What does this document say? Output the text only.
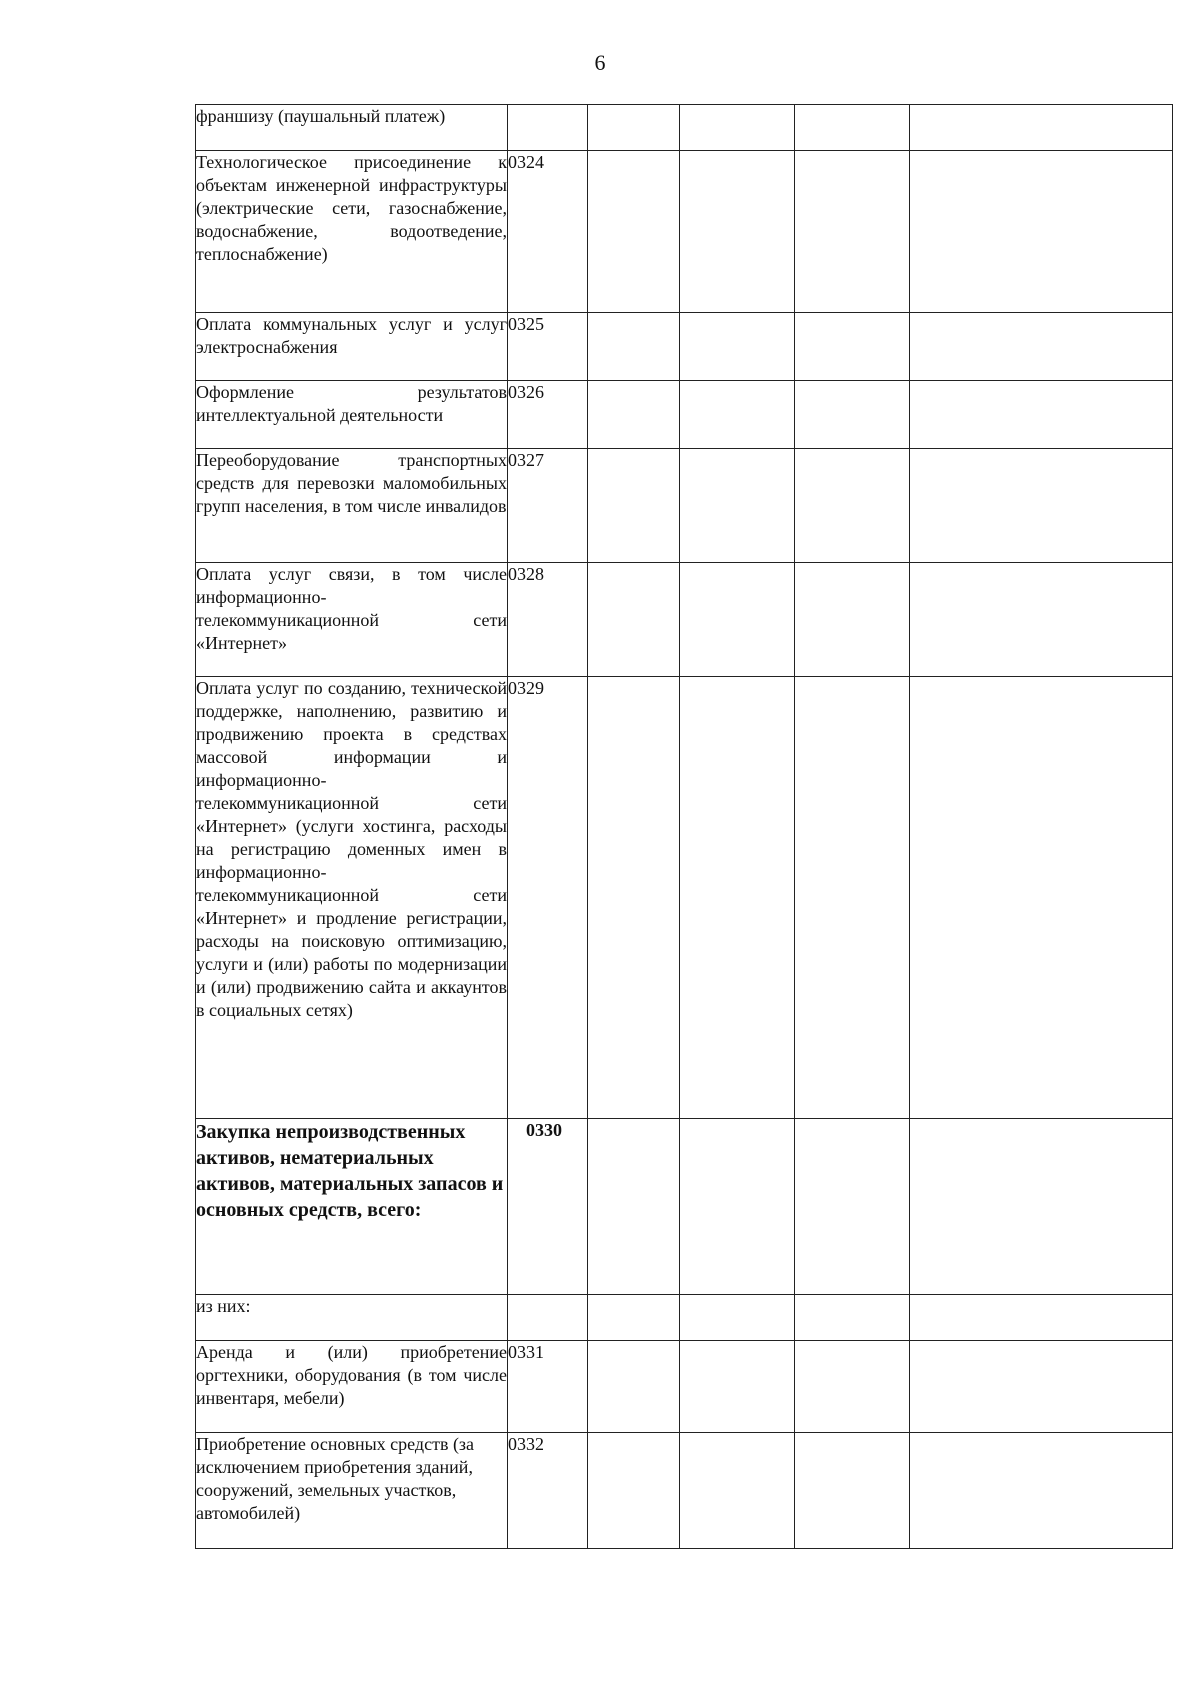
6
франшизу (паушальный платеж)					
Технологическое присоединение к объектам инженерной инфраструктуры (электрические сети, газоснабжение, водоснабжение, водоотведение, теплоснабжение)	0324				
Оплата коммунальных услуг и услуг электроснабжения	0325				
Оформление результатов интеллектуальной деятельности	0326				
Переоборудование транспортных средств для перевозки маломобильных групп населения, в том числе инвалидов	0327				
Оплата услуг связи, в том числе информационно-телекоммуникационной сети «Интернет»	0328				
Оплата услуг по созданию, технической поддержке, наполнению, развитию и продвижению проекта в средствах массовой информации и информационно-телекоммуникационной сети «Интернет» (услуги хостинга, расходы на регистрацию доменных имен в информационно-телекоммуникационной сети «Интернет» и продление регистрации, расходы на поисковую оптимизацию, услуги и (или) работы по модернизации и (или) продвижению сайта и аккаунтов в социальных сетях)	0329				
Закупка непроизводственных активов, нематериальных активов, материальных запасов и основных средств, всего:	0330				
из них:					
Аренда и (или) приобретение оргтехники, оборудования (в том числе инвентаря, мебели)	0331				
Приобретение основных средств (за исключением приобретения зданий, сооружений, земельных участков, автомобилей)	0332				
